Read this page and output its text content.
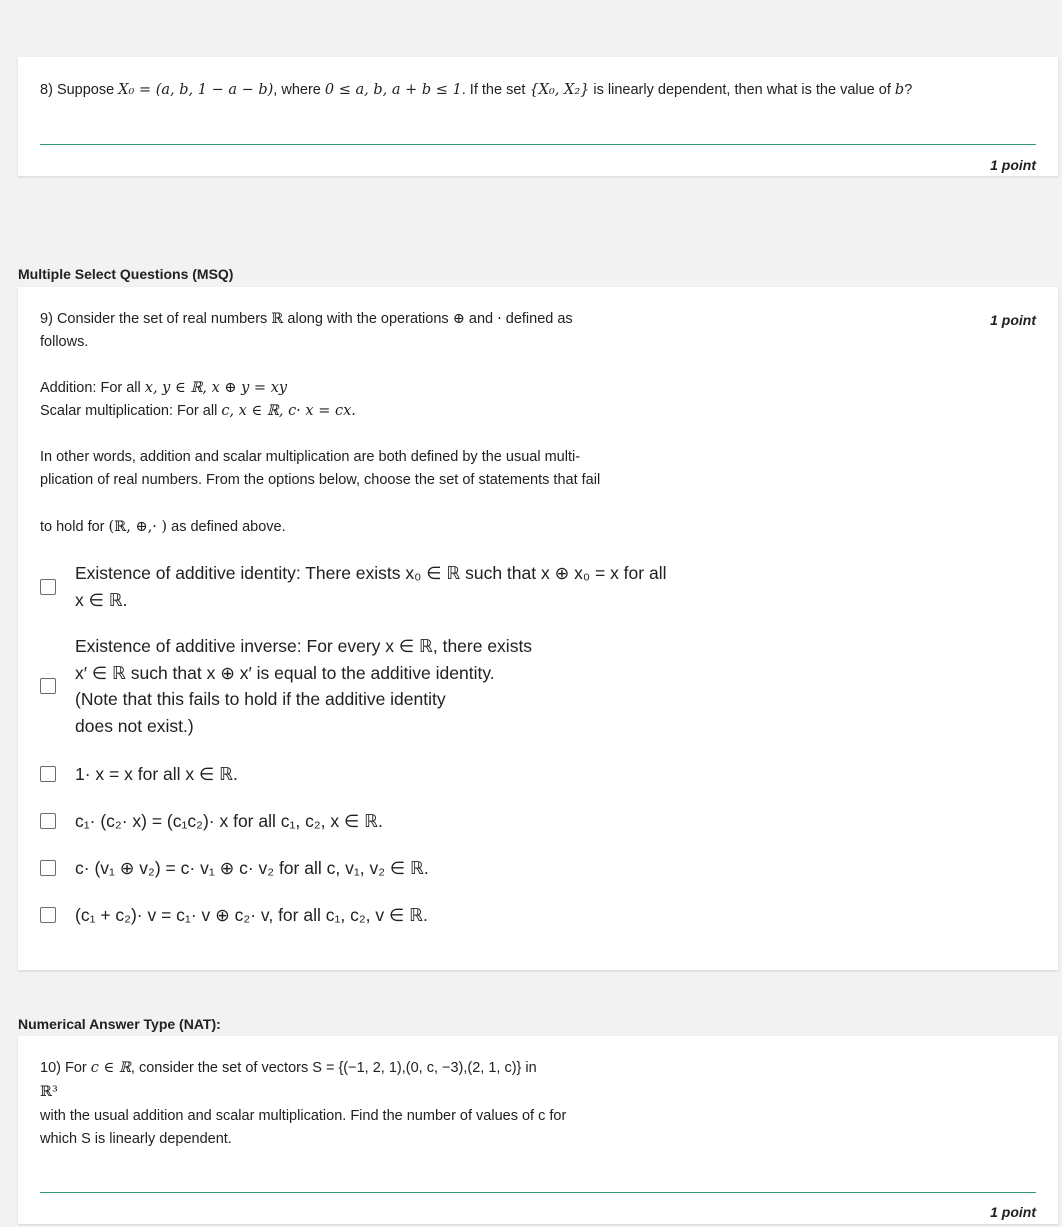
8) Suppose X₀ = (a, b, 1 − a − b), where 0 ≤ a, b, a + b ≤ 1. If the set {X₀, X₂} is linearly dependent, then what is the value of b?
1 point
Multiple Select Questions (MSQ)
1 point
9) Consider the set of real numbers ℝ along with the operations ⊕ and · defined as
follows.
Addition: For all x, y ∈ ℝ, x ⊕ y = xy
Scalar multiplication: For all c, x ∈ ℝ, c· x = cx.
In other words, addition and scalar multiplication are both defined by the usual multi-
plication of real numbers. From the options below, choose the set of statements that fail
to hold for (ℝ, ⊕,· ) as defined above.
Existence of additive identity: There exists x₀ ∈ ℝ such that x ⊕ x₀ = x for all
x ∈ ℝ.
Existence of additive inverse: For every x ∈ ℝ, there exists
x′ ∈ ℝ such that x ⊕ x′ is equal to the additive identity.
(Note that this fails to hold if the additive identity
does not exist.)
1· x = x for all x ∈ ℝ.
c₁· (c₂· x) = (c₁c₂)· x for all c₁, c₂, x ∈ ℝ.
c· (v₁ ⊕ v₂) = c· v₁ ⊕ c· v₂ for all c, v₁, v₂ ∈ ℝ.
(c₁ + c₂)· v = c₁· v ⊕ c₂· v, for all c₁, c₂, v ∈ ℝ.
Numerical Answer Type (NAT):
10) For c ∈ ℝ, consider the set of vectors S = {(−1, 2, 1),(0, c, −3),(2, 1, c)} in
ℝ³
with the usual addition and scalar multiplication. Find the number of values of c for
which S is linearly dependent.
1 point
